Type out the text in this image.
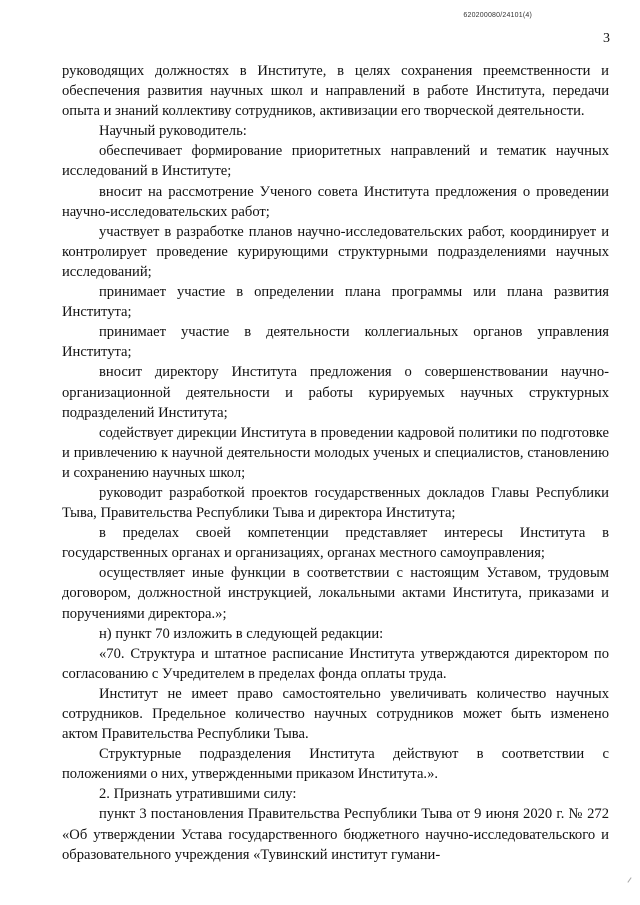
620200080/24101(4)
3

руководящих должностях в Институте, в целях сохранения преемственности и обеспечения развития научных школ и направлений в работе Института, передачи опыта и знаний коллективу сотрудников, активизации его творческой деятельности.

Научный руководитель:

обеспечивает формирование приоритетных направлений и тематик научных исследований в Институте;

вносит на рассмотрение Ученого совета Института предложения о проведении научно-исследовательских работ;

участвует в разработке планов научно-исследовательских работ, координирует и контролирует проведение курирующими структурными подразделениями научных исследований;

принимает участие в определении плана программы или плана развития Института;

принимает участие в деятельности коллегиальных органов управления Института;

вносит директору Института предложения о совершенствовании научно-организационной деятельности и работы курируемых научных структурных подразделений Института;

содействует дирекции Института в проведении кадровой политики по подготовке и привлечению к научной деятельности молодых ученых и специалистов, становлению и сохранению научных школ;

руководит разработкой проектов государственных докладов Главы Республики Тыва, Правительства Республики Тыва и директора Института;

в пределах своей компетенции представляет интересы Института в государственных органах и организациях, органах местного самоуправления;

осуществляет иные функции в соответствии с настоящим Уставом, трудовым договором, должностной инструкцией, локальными актами Института, приказами и поручениями директора.»;

н) пункт 70 изложить в следующей редакции:

«70. Структура и штатное расписание Института утверждаются директором по согласованию с Учредителем в пределах фонда оплаты труда.

Институт не имеет право самостоятельно увеличивать количество научных сотрудников. Предельное количество научных сотрудников может быть изменено актом Правительства Республики Тыва.

Структурные подразделения Института действуют в соответствии с положениями о них, утвержденными приказом Института.».

2. Признать утратившими силу:

пункт 3 постановления Правительства Республики Тыва от 9 июня 2020 г. № 272 «Об утверждении Устава государственного бюджетного научно-исследовательского и образовательного учреждения «Тувинский институт гумани-
